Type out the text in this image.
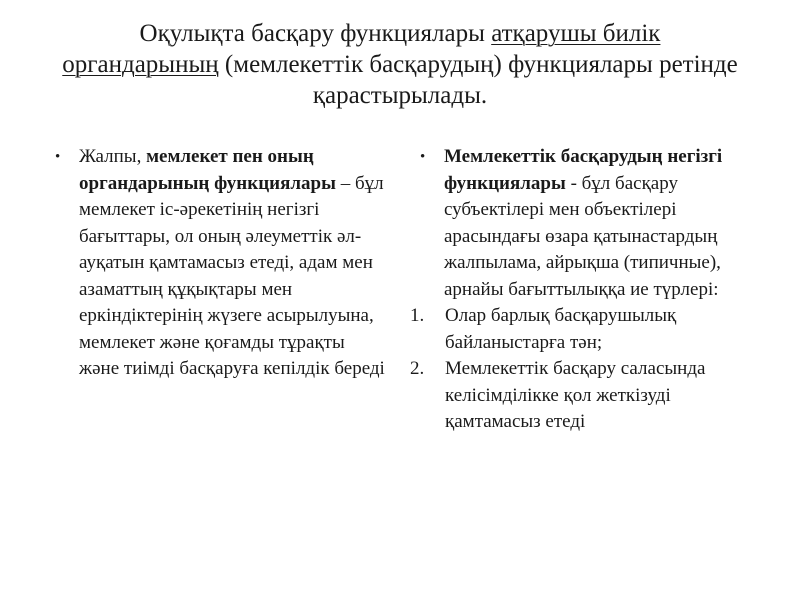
Оқулықта басқару функциялары атқарушы билік органдарының (мемлекеттік басқарудың) функциялары ретінде қарастырылады.
• Жалпы, мемлекет пен оның органдарының функциялары – бұл мемлекет іс-әрекетінің негізгі бағыттары, ол оның әлеуметтік әл-ауқатын қамтамасыз етеді, адам мен азаматтың құқықтары мен еркіндіктерінің жүзеге асырылуына, мемлекет және қоғамды тұрақты және тиімді басқаруға кепілдік береді
• Мемлекеттік басқарудың негізгі функциялары - бұл басқару субъектілері мен объектілері арасындағы өзара қатынастардың жалпылама, айрықша (типичные), арнайы бағыттылыққа ие түрлері:
1. Олар барлық басқарушылық байланыстарға тән;
2. Мемлекеттік басқару саласында келісімділікке қол жеткізуді қамтамасыз етеді
